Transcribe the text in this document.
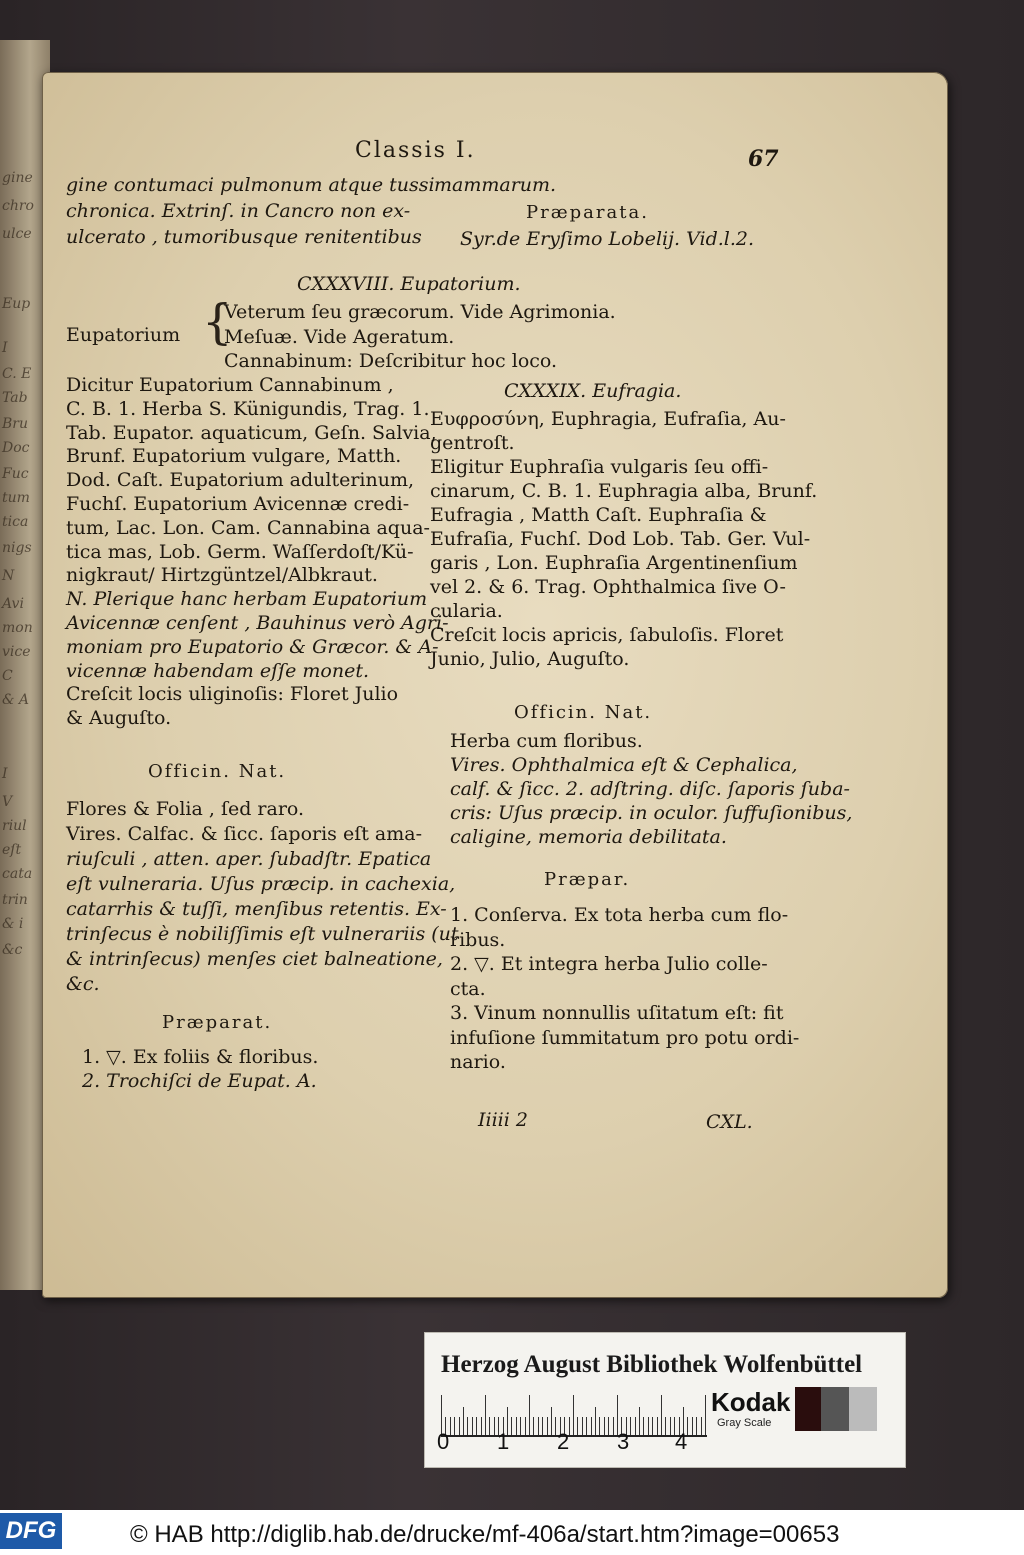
gine
chro
ulce
Eup
I
C. E
Tab
Bru
Doc
Fuc
tum
tica
nigs
N
Avi
mon
vice
C
& A
I
V
riul
eſt
cata
trin
& i
&c
Classis I.	67
gine contumaci pulmonum atque tussi
chronica. Extrinſ. in Cancro non ex-
ulcerato , tumoribusque renitentibus
mammarum.
Præparata.
Syr.de Eryſimo Lobelij. Vid.l.2.
CXXXVIII. Eupatorium.
Eupatorium {
Veterum ſeu græcorum. Vide Agrimonia.
Meſuæ. Vide Ageratum.
Cannabinum: Deſcribitur hoc loco.
Dicitur Eupatorium Cannabinum ,
C. B. 1. Herba S. Künigundis, Trag. 1.
Tab. Eupator. aquaticum, Geſn. Salvia,
Brunf. Eupatorium vulgare, Matth.
Dod. Caſt. Eupatorium adulterinum,
Fuchſ. Eupatorium Avicennæ credi-
tum, Lac. Lon. Cam. Cannabina aqua-
tica mas, Lob. Germ. Waſſerdoſt/Kü-
nigkraut/ Hirtzgüntzel/Albkraut.
N. Plerique hanc herbam Eupatorium
Avicennæ cenſent , Bauhinus verò Agri-
moniam pro Eupatorio & Græcor. & A-
vicennæ habendam eſſe monet.
Creſcit locis uliginoſis: Floret Julio
& Auguſto.
Officin. Nat.
Flores & Folia , ſed raro.
Vires. Calfac. & ſicc. ſaporis eſt ama-
riuſculi , atten. aper. ſubadſtr. Epatica
eſt vulneraria. Uſus præcip. in cachexia,
catarrhis & tuſſi, menſibus retentis. Ex-
trinſecus è nobiliſſimis eſt vulnerariis (ut
& intrinſecus) menſes ciet balneatione,
&c.
Præparat.
1. ▽. Ex foliis & floribus.
2. Trochiſci de Eupat. A.
CXXXIX. Eufragia.
Ευφροσύνη, Euphragia, Eufraſia, Au-
gentroſt.
Eligitur Euphraſia vulgaris ſeu offi-
cinarum, C. B. 1. Euphragia alba, Brunf.
Eufragia , Matth Caſt. Euphraſia &
Eufraſia, Fuchſ. Dod Lob. Tab. Ger. Vul-
garis , Lon. Euphraſia Argentinenſium
vel 2. & 6. Trag. Ophthalmica ſive O-
cularia.
Creſcit locis apricis, ſabuloſis. Floret
Junio, Julio, Auguſto.
Officin. Nat.
Herba cum floribus.
Vires. Ophthalmica eſt & Cephalica,
calf. & ſicc. 2. adſtring. diſc. ſaporis ſuba-
cris: Uſus præcip. in oculor. ſuffuſionibus,
caligine, memoria debilitata.
Præpar.
1. Conſerva. Ex tota herba cum flo-
ribus.
2. ▽. Et integra herba Julio colle-
cta.
3. Vinum nonnullis uſitatum eſt: fit
infuſione ſummitatum pro potu ordi-
nario.
Iiiii 2	CXL.
Herzog August Bibliothek Wolfenbüttel
0 1 2 3 4
Kodak
Gray Scale
DFG	© HAB http://diglib.hab.de/drucke/mf-406a/start.htm?image=00653
